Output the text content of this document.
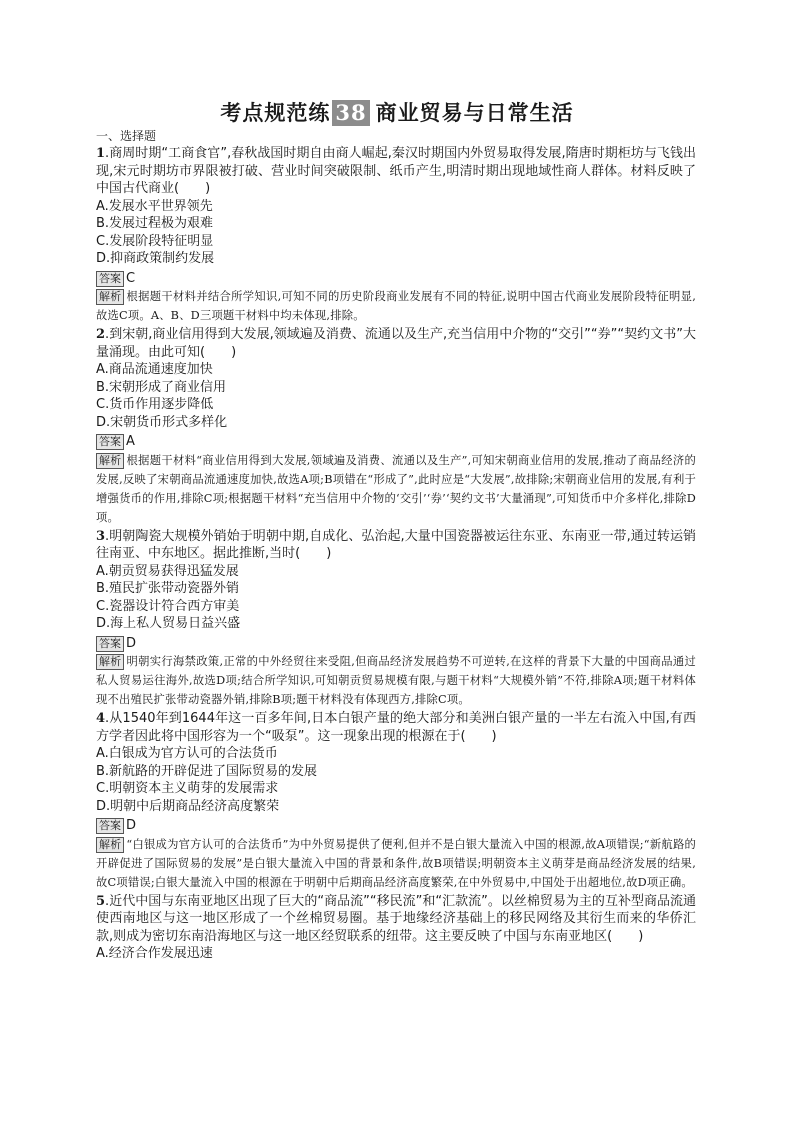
考点规范练 38 商业贸易与日常生活
一、选择题

1.商周时期“工商食官”,春秋战国时期自由商人崛起,秦汉时期国内外贸易取得发展,隋唐时期柜坊与飞钱出现,宋元时期坊市界限被打破、营业时间突破限制、纸币产生,明清时期出现地域性商人群体。材料反映了中国古代商业(　　)

A.发展水平世界领先

B.发展过程极为艰难

C.发展阶段特征明显

D.抑商政策制约发展

答案 C

解析 根据题干材料并结合所学知识,可知不同的历史阶段商业发展有不同的特征,说明中国古代商业发展阶段特征明显,故选C项。A、B、D三项题干材料中均未体现,排除。

2.到宋朝,商业信用得到大发展,领域遍及消费、流通以及生产,充当信用中介物的“交引”“券”“契约文书”大量涌现。由此可知(　　)

A.商品流通速度加快

B.宋朝形成了商业信用

C.货币作用逐步降低

D.宋朝货币形式多样化

答案 A

解析 根据题干材料“商业信用得到大发展,领域遍及消费、流通以及生产”,可知宋朝商业信用的发展,推动了商品经济的发展,反映了宋朝商品流通速度加快,故选A项;B项错在“形成了”,此时应是“大发展”,故排除;宋朝商业信用的发展,有利于增强货币的作用,排除C项;根据题干材料“充当信用中介物的‘交引’‘券’‘契约文书’大量涌现”,可知货币中介多样化,排除D项。

3.明朝陶瓷大规模外销始于明朝中期,自成化、弘治起,大量中国瓷器被运往东亚、东南亚一带,通过转运销往南亚、中东地区。据此推断,当时(　　)

A.朝贡贸易获得迅猛发展

B.殖民扩张带动瓷器外销

C.瓷器设计符合西方审美

D.海上私人贸易日益兴盛

答案 D

解析 明朝实行海禁政策,正常的中外经贸往来受阻,但商品经济发展趋势不可逆转,在这样的背景下大量的中国商品通过私人贸易运往海外,故选D项;结合所学知识,可知朝贡贸易规模有限,与题干材料“大规模外销”不符,排除A项;题干材料体现不出殖民扩张带动瓷器外销,排除B项;题干材料没有体现西方,排除C项。

4.从1540年到1644年这一百多年间,日本白银产量的绝大部分和美洲白银产量的一半左右流入中国,有西方学者因此将中国形容为一个“吸泵”。这一现象出现的根源在于(　　)

A.白银成为官方认可的合法货币

B.新航路的开辟促进了国际贸易的发展

C.明朝资本主义萌芽的发展需求

D.明朝中后期商品经济高度繁荣

答案 D

解析 “白银成为官方认可的合法货币”为中外贸易提供了便利,但并不是白银大量流入中国的根源,故A项错误;“新航路的开辟促进了国际贸易的发展”是白银大量流入中国的背景和条件,故B项错误;明朝资本主义萌芽是商品经济发展的结果,故C项错误;白银大量流入中国的根源在于明朝中后期商品经济高度繁荣,在中外贸易中,中国处于出超地位,故D项正确。

5.近代中国与东南亚地区出现了巨大的“商品流”“移民流”和“汇款流”。以丝棉贸易为主的互补型商品流通使西南地区与这一地区形成了一个丝棉贸易圈。基于地缘经济基础上的移民网络及其衍生而来的华侨汇款,则成为密切东南沿海地区与这一地区经贸联系的纽带。这主要反映了中国与东南亚地区(　　)

A.经济合作发展迅速
